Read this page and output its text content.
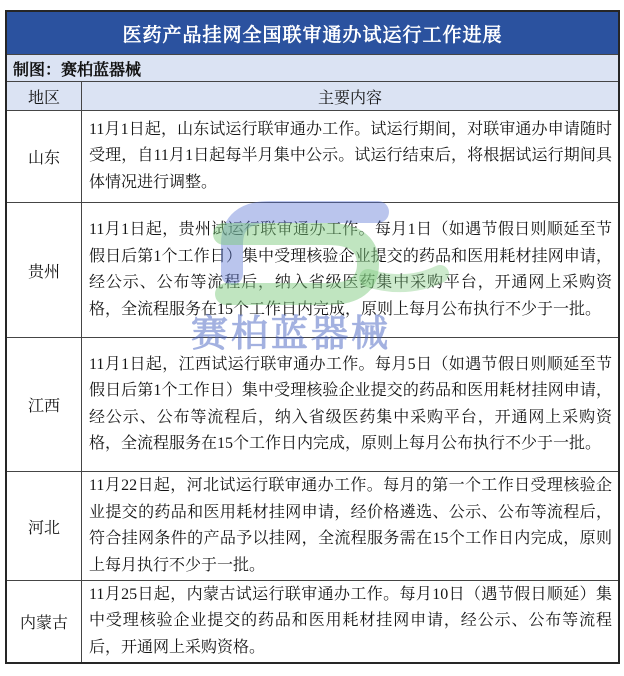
医药产品挂网全国联审通办试运行工作进展
制图：赛柏蓝器械
地区	主要内容
山东
11月1日起，山东试运行联审通办工作。试运行期间，对联审通办申请随时受理，自11月1日起每半月集中公示。试运行结束后，将根据试运行期间具体情况进行调整。
贵州
11月1日起，贵州试运行联审通办工作。每月1日（如遇节假日则顺延至节假日后第1个工作日）集中受理核验企业提交的药品和医用耗材挂网申请，经公示、公布等流程后，纳入省级医药集中采购平台，开通网上采购资格，全流程服务在15个工作日内完成，原则上每月公布执行不少于一批。
江西
11月1日起，江西试运行联审通办工作。每月5日（如遇节假日则顺延至节假日后第1个工作日）集中受理核验企业提交的药品和医用耗材挂网申请，经公示、公布等流程后，纳入省级医药集中采购平台，开通网上采购资格，全流程服务在15个工作日内完成，原则上每月公布执行不少于一批。
河北
11月22日起，河北试运行联审通办工作。每月的第一个工作日受理核验企业提交的药品和医用耗材挂网申请，经价格遴选、公示、公布等流程后，符合挂网条件的产品予以挂网，全流程服务需在15个工作日内完成，原则上每月执行不少于一批。
内蒙古
11月25日起，内蒙古试运行联审通办工作。每月10日（遇节假日顺延）集中受理核验企业提交的药品和医用耗材挂网申请，经公示、公布等流程后，开通网上采购资格。
赛柏蓝器械
